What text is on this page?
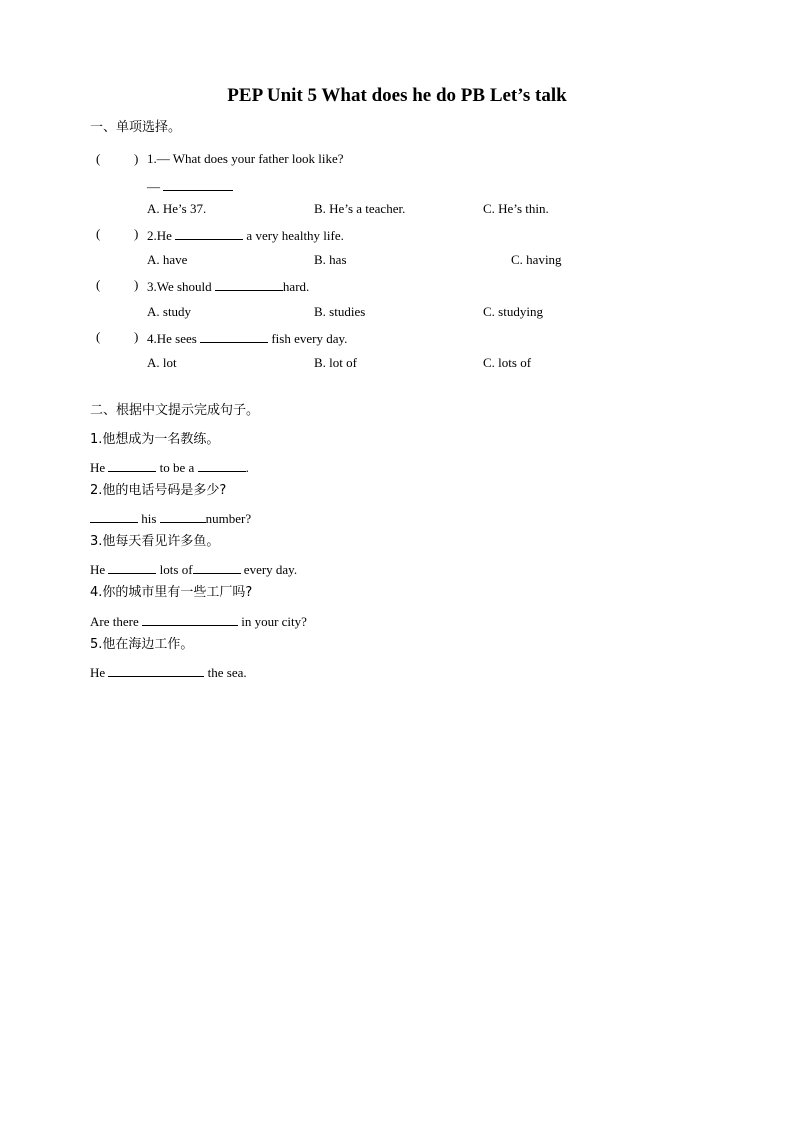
PEP Unit 5 What does he do PB Let’s talk
一、单项选择。
(	) 1.— What does your father look like?
—
A. He’s 37.	B. He’s a teacher.	C. He’s thin.
(	) 2.He	a very healthy life.
A. have	B. has	C. having
(	) 3.We should	hard.
A. study	B. studies	C. studying
(	) 4.He sees	fish every day.
A. lot	B. lot of	C. lots of
二、根据中文提示完成句子。
1.他想成为一名教练。
He	to be a	.
2.他的电话号码是多少?
his	number?
3.他每天看见许多鱼。
He	lots of	every day.
4.你的城市里有一些工厂吗?
Are there	in your city?
5.他在海边工作。
He	the sea.
